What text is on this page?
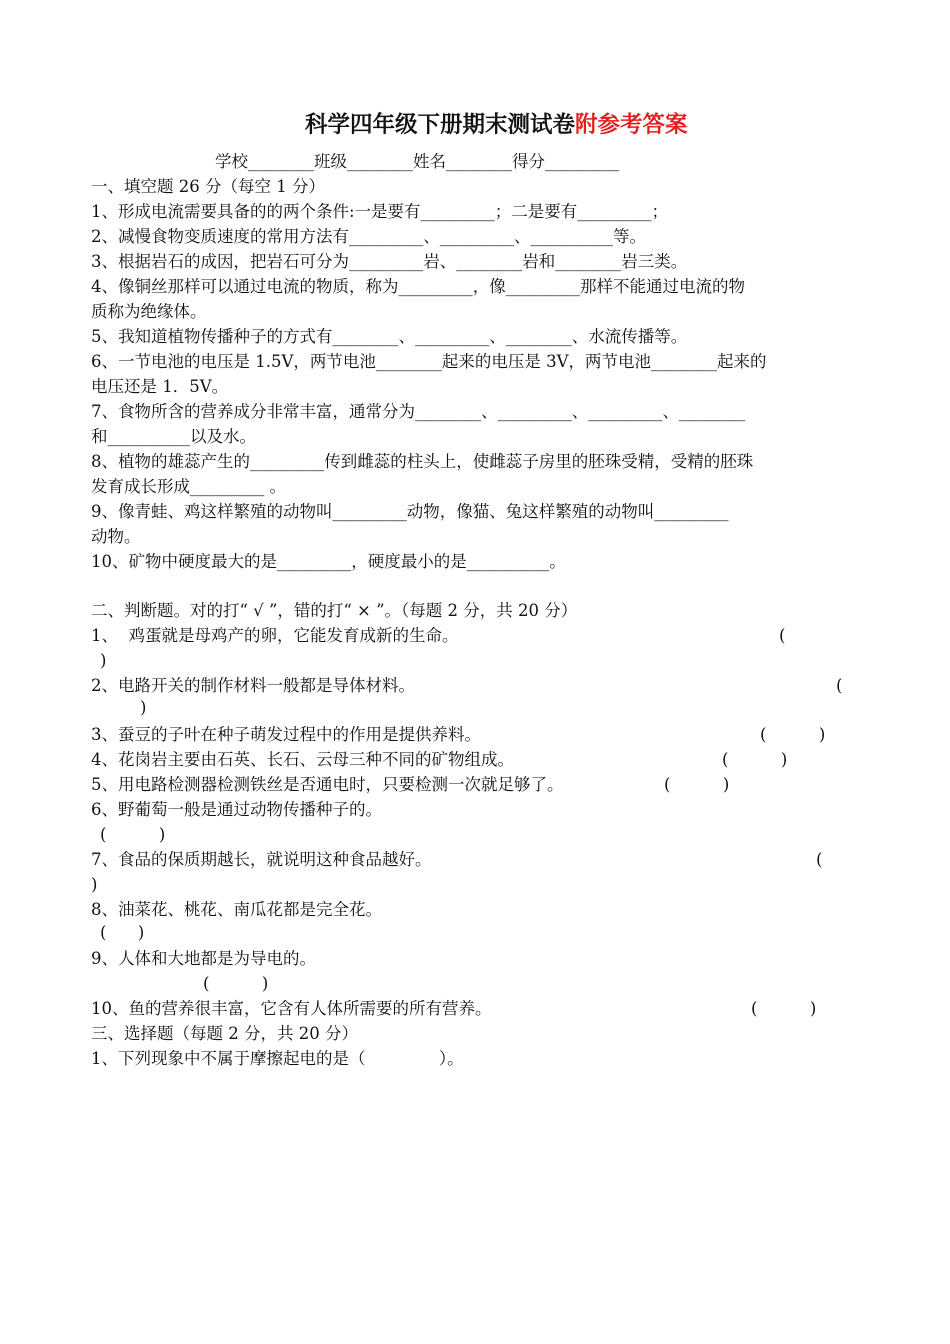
科学四年级下册期末测试卷附参考答案
学校________班级________姓名________得分_________
一、填空题 26 分（每空 1 分）
1、形成电流需要具备的的两个条件:一是要有_________；二是要有_________；
2、减慢食物变质速度的常用方法有_________、_________、__________等。
3、根据岩石的成因，把岩石可分为_________岩、________岩和________岩三类。
4、像铜丝那样可以通过电流的物质，称为_________，像_________那样不能通过电流的物
质称为绝缘体。
5、我知道植物传播种子的方式有________、_________、________、水流传播等。
6、一节电池的电压是 1.5V，两节电池________起来的电压是 3V，两节电池________起来的
电压还是 1．5V。
7、食物所含的营养成分非常丰富，通常分为________、_________、_________、________
和__________以及水。
8、植物的雄蕊产生的_________传到雌蕊的柱头上，使雌蕊子房里的胚珠受精，受精的胚珠
发育成长形成_________ 。
9、像青蛙、鸡这样繁殖的动物叫_________动物，像猫、兔这样繁殖的动物叫_________
动物。
10、矿物中硬度最大的是_________，硬度最小的是__________。
二、判断题。对的打“ √ ”，错的打“ × ”。（每题 2 分，共 20 分）
1、  鸡蛋就是母鸡产的卵，它能发育成新的生命。	(
)
2、电路开关的制作材料一般都是导体材料。	(
)
3、蚕豆的子叶在种子萌发过程中的作用是提供养料。	(          )
4、花岗岩主要由石英、长石、云母三种不同的矿物组成。	(          )
5、用电路检测器检测铁丝是否通电时，只要检测一次就足够了。	(          )
6、野葡萄一般是通过动物传播种子的。
(          )
7、食品的保质期越长，就说明这种食品越好。	(
)
8、油菜花、桃花、南瓜花都是完全花。
(      )
9、人体和大地都是为导电的。
(          )
10、鱼的营养很丰富，它含有人体所需要的所有营养。	(          )
三、选择题（每题 2 分，共 20 分）
1、下列现象中不属于摩擦起电的是（              ）。
